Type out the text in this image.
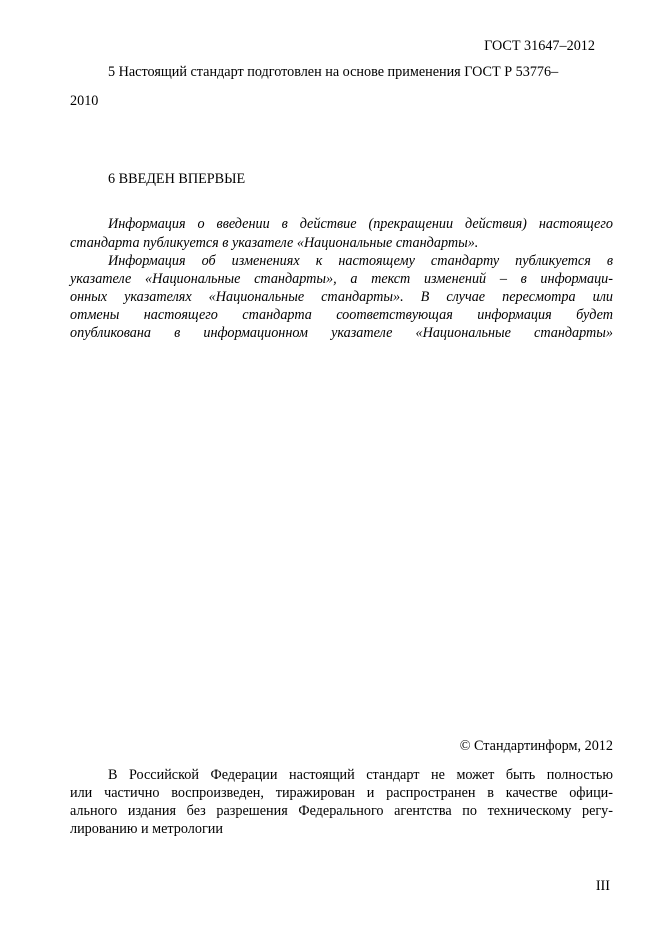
ГОСТ 31647–2012
5 Настоящий стандарт подготовлен на основе применения ГОСТ Р 53776–
2010
6 ВВЕДЕН ВПЕРВЫЕ
Информация о введении в действие (прекращении действия) настоящего
стандарта публикуется в указателе «Национальные стандарты».
Информация об изменениях к настоящему стандарту публикуется в
указателе «Национальные стандарты», а текст изменений – в информаци-
онных указателях «Национальные стандарты». В случае пересмотра или
отмены настоящего стандарта соответствующая информация будет
опубликована в информационном указателе «Национальные стандарты»
© Стандартинформ, 2012
В Российской Федерации настоящий стандарт не может быть полностью
или частично воспроизведен, тиражирован и распространен в качестве офици-
ального издания без разрешения Федерального агентства по техническому регу-
лированию и метрологии
III
